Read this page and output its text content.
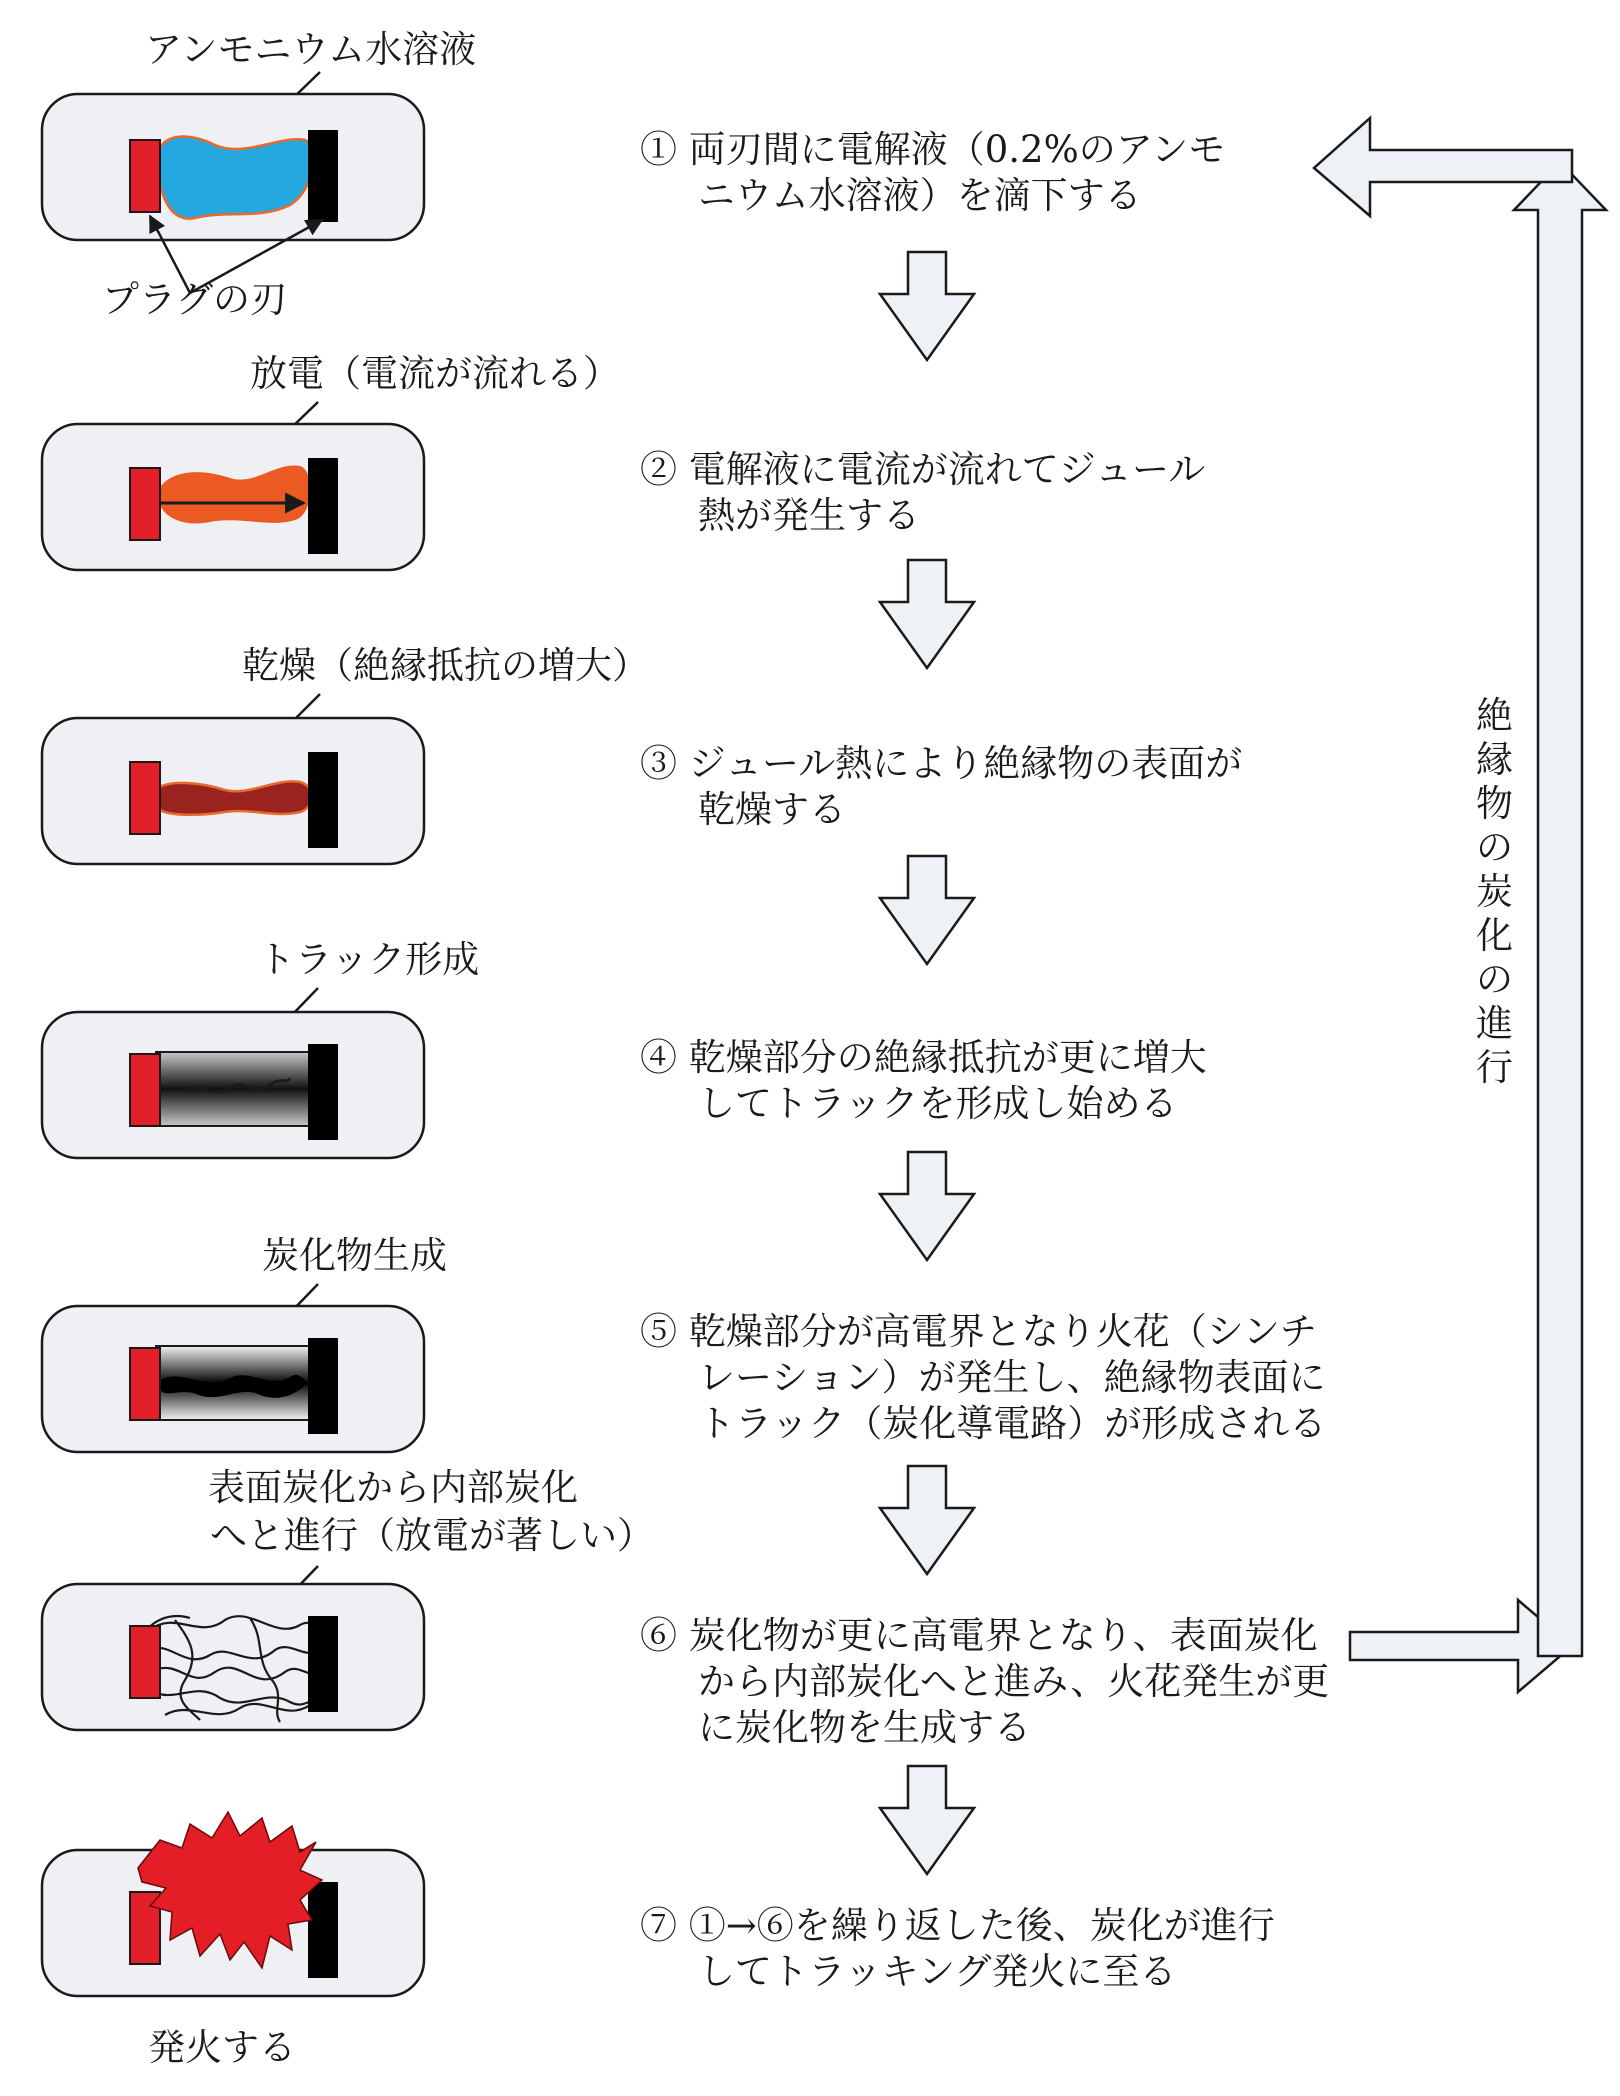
アンモニウム水溶液
プラグの刃
放電（電流が流れる）
乾燥（絶縁抵抗の増大）
トラック形成
炭化物生成
表面炭化から内部炭化
へと進行（放電が著しい）
発火する
① 両刃間に電解液（0.2%のアンモ
ニウム水溶液）を滴下する
② 電解液に電流が流れてジュール
熱が発生する
③ ジュール熱により絶縁物の表面が
乾燥する
④ 乾燥部分の絶縁抵抗が更に増大
してトラックを形成し始める
⑤ 乾燥部分が高電界となり火花（シンチ
レーション）が発生し、絶縁物表面に
トラック（炭化導電路）が形成される
⑥ 炭化物が更に高電界となり、表面炭化
から内部炭化へと進み、火花発生が更
に炭化物を生成する
⑦ ①→⑥を繰り返した後、炭化が進行
してトラッキング発火に至る
絶
縁
物
の
炭
化
の
進
行
